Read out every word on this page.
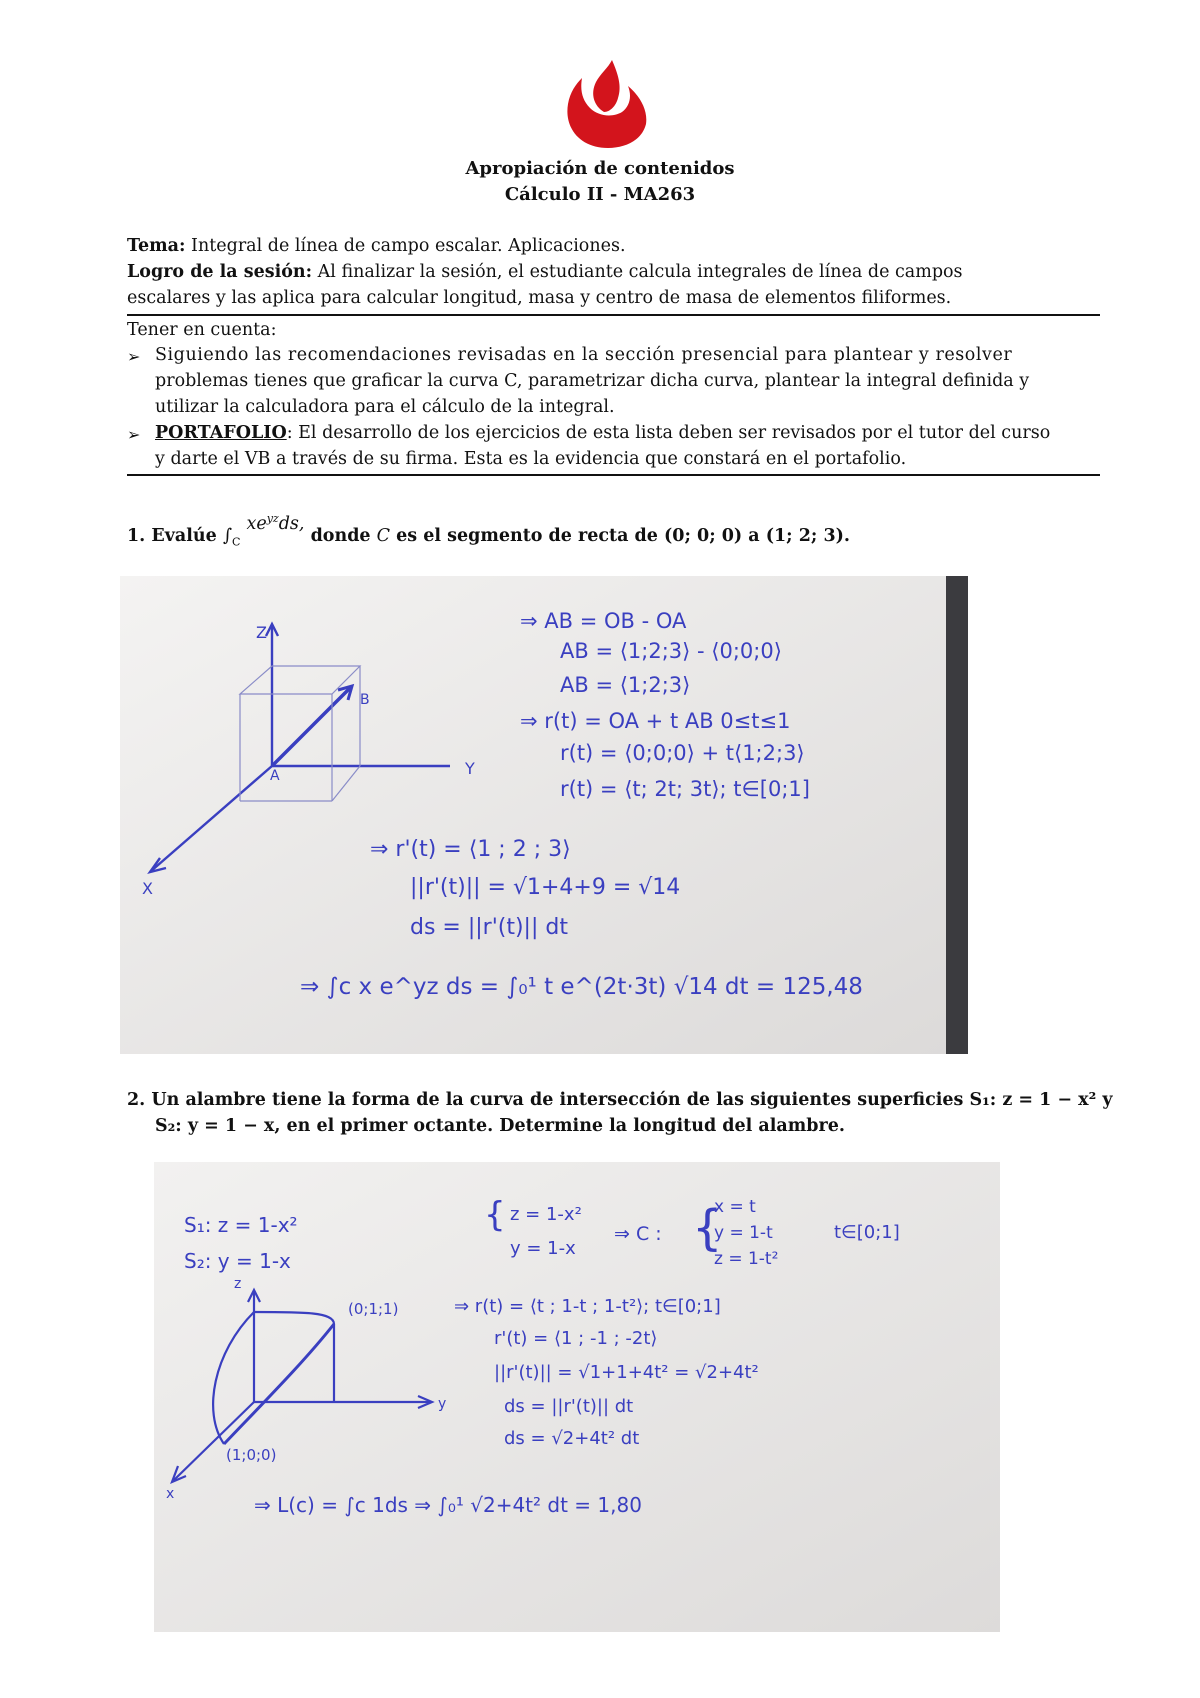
Apropiación de contenidos
Cálculo II - MA263
Tema: Integral de línea de campo escalar. Aplicaciones.
Logro de la sesión: Al finalizar la sesión, el estudiante calcula integrales de línea de campos
escalares y las aplica para calcular longitud, masa y centro de masa de elementos filiformes.
Tener en cuenta:
➢ Siguiendo las recomendaciones revisadas en la sección presencial para plantear y resolver
problemas tienes que graficar la curva C, parametrizar dicha curva, plantear la integral definida y
utilizar la calculadora para el cálculo de la integral.
➢ PORTAFOLIO: El desarrollo de los ejercicios de esta lista deben ser revisados por el tutor del curso
y darte el VB a través de su firma. Esta es la evidencia que constará en el portafolio.
1. Evalúe $\int_C$ $xe^{yz}ds$, donde C es el segmento de recta de (0; 0; 0) a (1; 2; 3).
Z
Y
X
A
B
⇒ AB = OB - OA
AB = ⟨1;2;3⟩ - ⟨0;0;0⟩
AB = ⟨1;2;3⟩
⇒ r(t) = OA + t AB 0≤t≤1
r(t) = ⟨0;0;0⟩ + t⟨1;2;3⟩
r(t) = ⟨t; 2t; 3t⟩; t∈[0;1]
⇒ r'(t) = ⟨1 ; 2 ; 3⟩
||r'(t)|| = √1+4+9 = √14
ds = ||r'(t)|| dt
⇒ ∫c x e^yz ds = ∫₀¹ t e^(2t·3t) √14 dt = 125,48
2. Un alambre tiene la forma de la curva de intersección de las siguientes superficies S₁: z = 1 − x² y
S₂: y = 1 − x, en el primer octante. Determine la longitud del alambre.
S₁: z = 1-x²
S₂: y = 1-x
z
y
x
(0;1;1)
(1;0;0)
{ z = 1-x²
y = 1-x
⇒ C : {
x = t
y = 1-t
z = 1-t²
t∈[0;1]
⇒ r(t) = ⟨t ; 1-t ; 1-t²⟩; t∈[0;1]
r'(t) = ⟨1 ; -1 ; -2t⟩
||r'(t)|| = √1+1+4t² = √2+4t²
ds = ||r'(t)|| dt
ds = √2+4t² dt
⇒ L(c) = ∫c 1ds ⇒ ∫₀¹ √2+4t² dt = 1,80
